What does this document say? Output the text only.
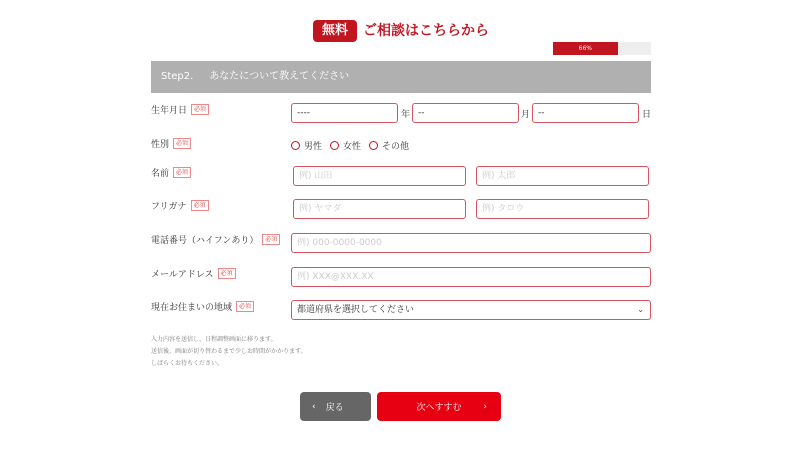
無料	ご相談はこちらから
66%
Step2. あなたについて教えてください
生年月日	必須	----	年 --	月 --	日
性別	必須	男性 女性 その他
名前	必須	例) 山田	例) 太郎
フリガナ	必須	例) ヤマダ	例) タロウ
電話番号（ハイフンあり）	必須	例) 000-0000-0000
メールアドレス	必須	例) XXX@XXX.XX
現在お住まいの地域	必須	都道府県を選択してください	⌄
入力内容を送信し、日程調整画面に移ります。
送信後、画面が切り替わるまで少しお時間がかかります。
しばらくお待ちください。
‹ 戻る	次へすすむ ›
